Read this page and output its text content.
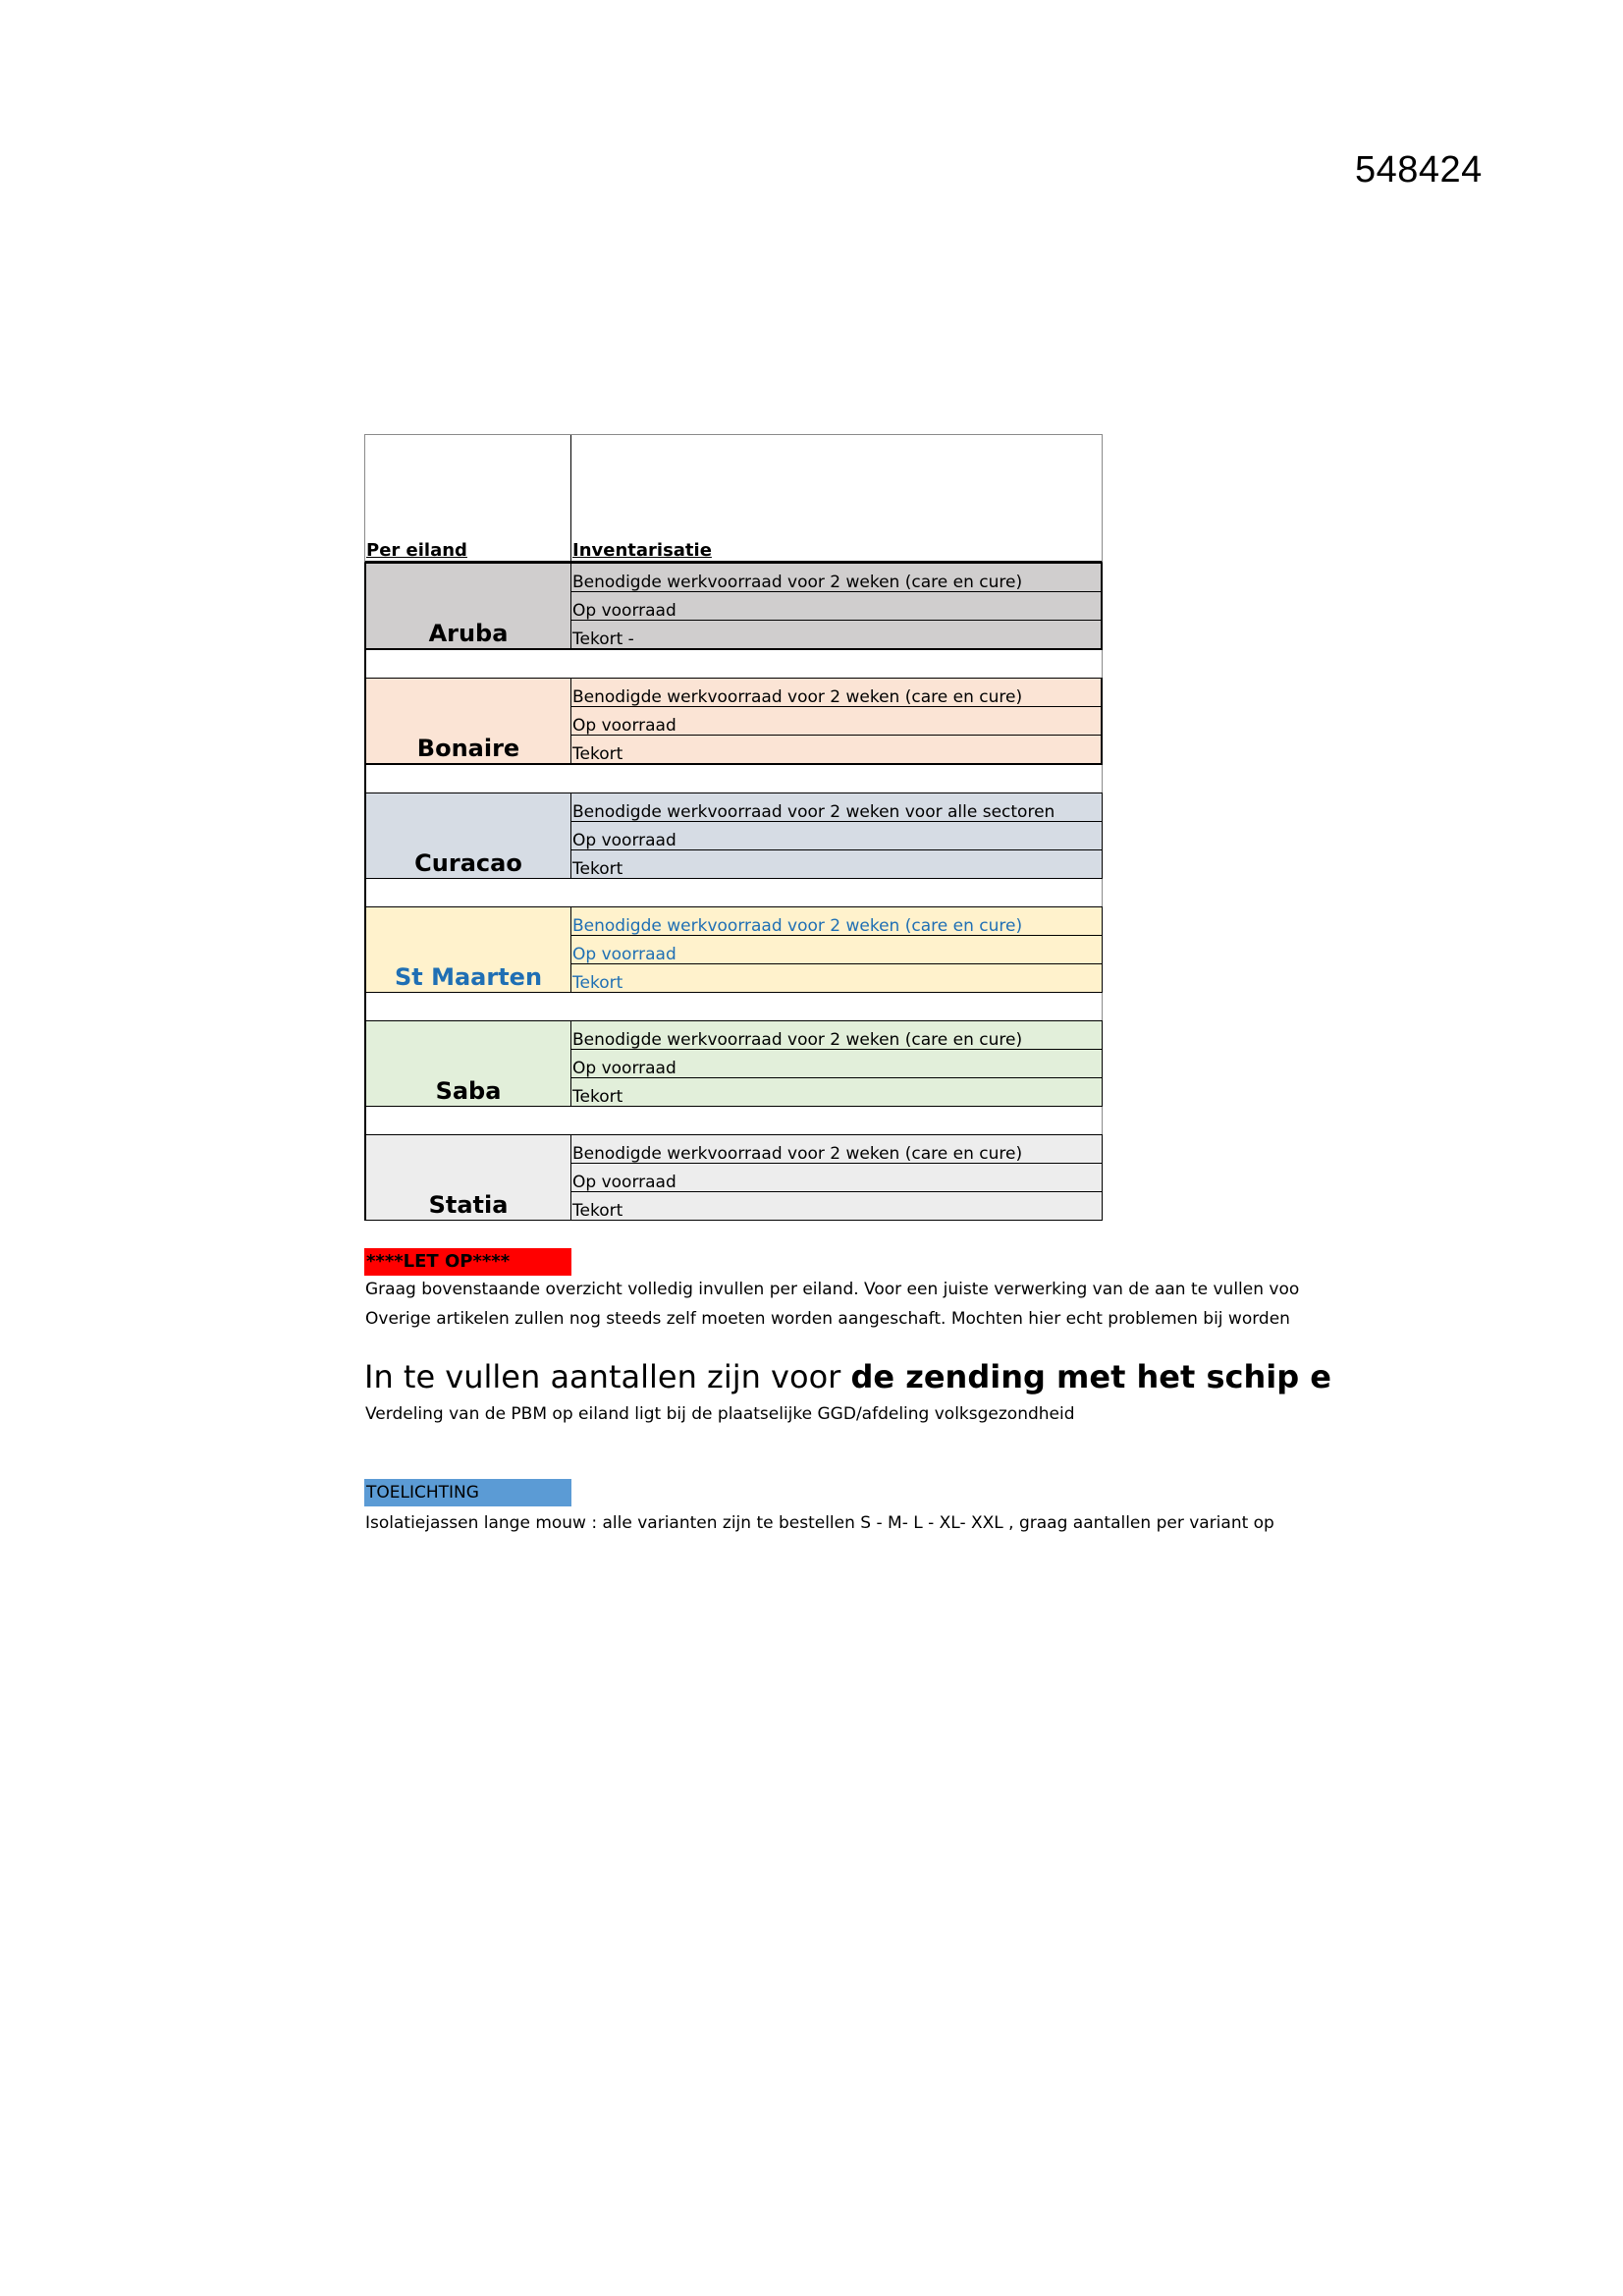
548424
Per eiland	Inventarisatie
Aruba
Benodigde werkvoorraad voor 2 weken (care en cure)
Op voorraad
Tekort -
Bonaire
Benodigde werkvoorraad voor 2 weken (care en cure)
Op voorraad
Tekort
Curacao
Benodigde werkvoorraad voor 2 weken voor alle sectoren
Op voorraad
Tekort
St Maarten
Benodigde werkvoorraad voor 2 weken (care en cure)
Op voorraad
Tekort
Saba
Benodigde werkvoorraad voor 2 weken (care en cure)
Op voorraad
Tekort
Statia
Benodigde werkvoorraad voor 2 weken (care en cure)
Op voorraad
Tekort
****LET OP****
Graag bovenstaande overzicht volledig invullen per eiland. Voor een juiste verwerking van de aan te vullen voo
Overige artikelen zullen nog steeds zelf moeten worden aangeschaft. Mochten hier echt problemen bij worden
In te vullen aantallen zijn voor de zending met het schip e
Verdeling van de PBM op eiland ligt bij de plaatselijke GGD/afdeling volksgezondheid
TOELICHTING
Isolatiejassen lange mouw : alle varianten zijn te bestellen S - M- L - XL- XXL , graag aantallen per variant op
